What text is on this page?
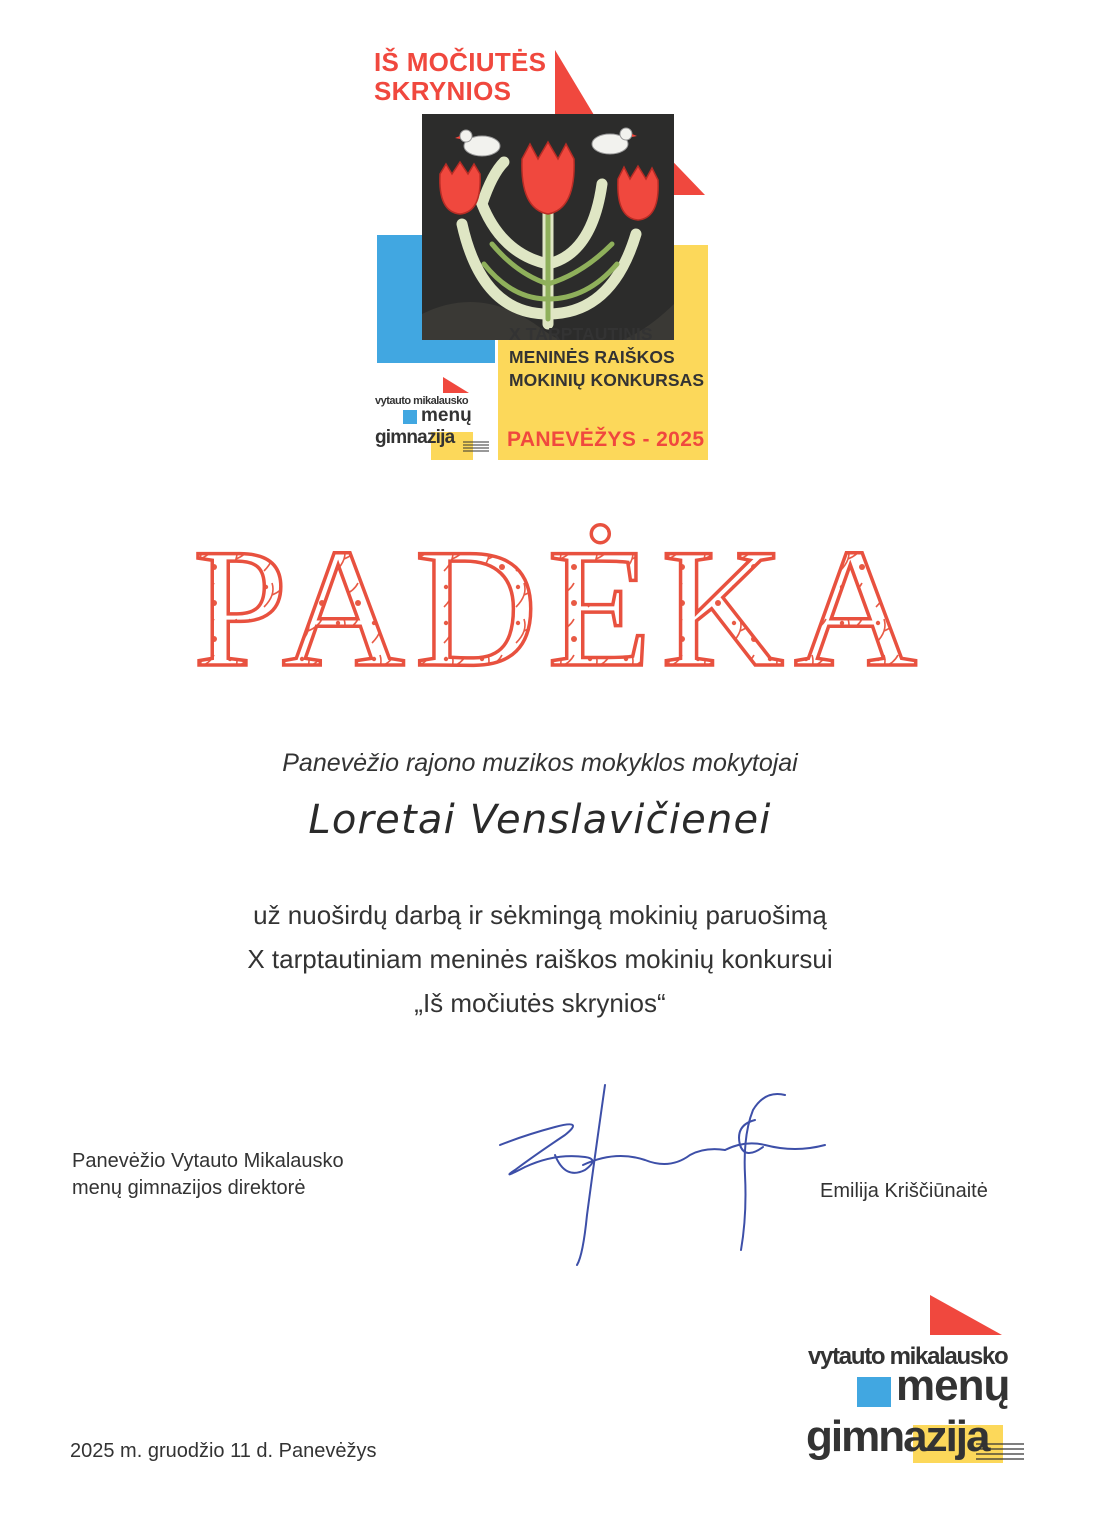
IŠ MOČIUTĖS
SKRYNIOS
X TARPTAUTINIS
MENINĖS RAIŠKOS
MOKINIŲ KONKURSAS
PANEVĖŽYS - 2025
vytauto mikalausko
menų
gimnazija
PADĖKA
Panevėžio rajono muzikos mokyklos mokytojai
Loretai Venslavičienei
už nuoširdų darbą ir sėkmingą mokinių paruošimą
X tarptautiniam meninės raiškos mokinių konkursui
„Iš močiutės skrynios“
Panevėžio Vytauto Mikalausko
menų gimnazijos direktorė	Emilija Kriščiūnaitė
2025 m. gruodžio 11 d. Panevėžys
vytauto mikalausko
menų
gimnazija
